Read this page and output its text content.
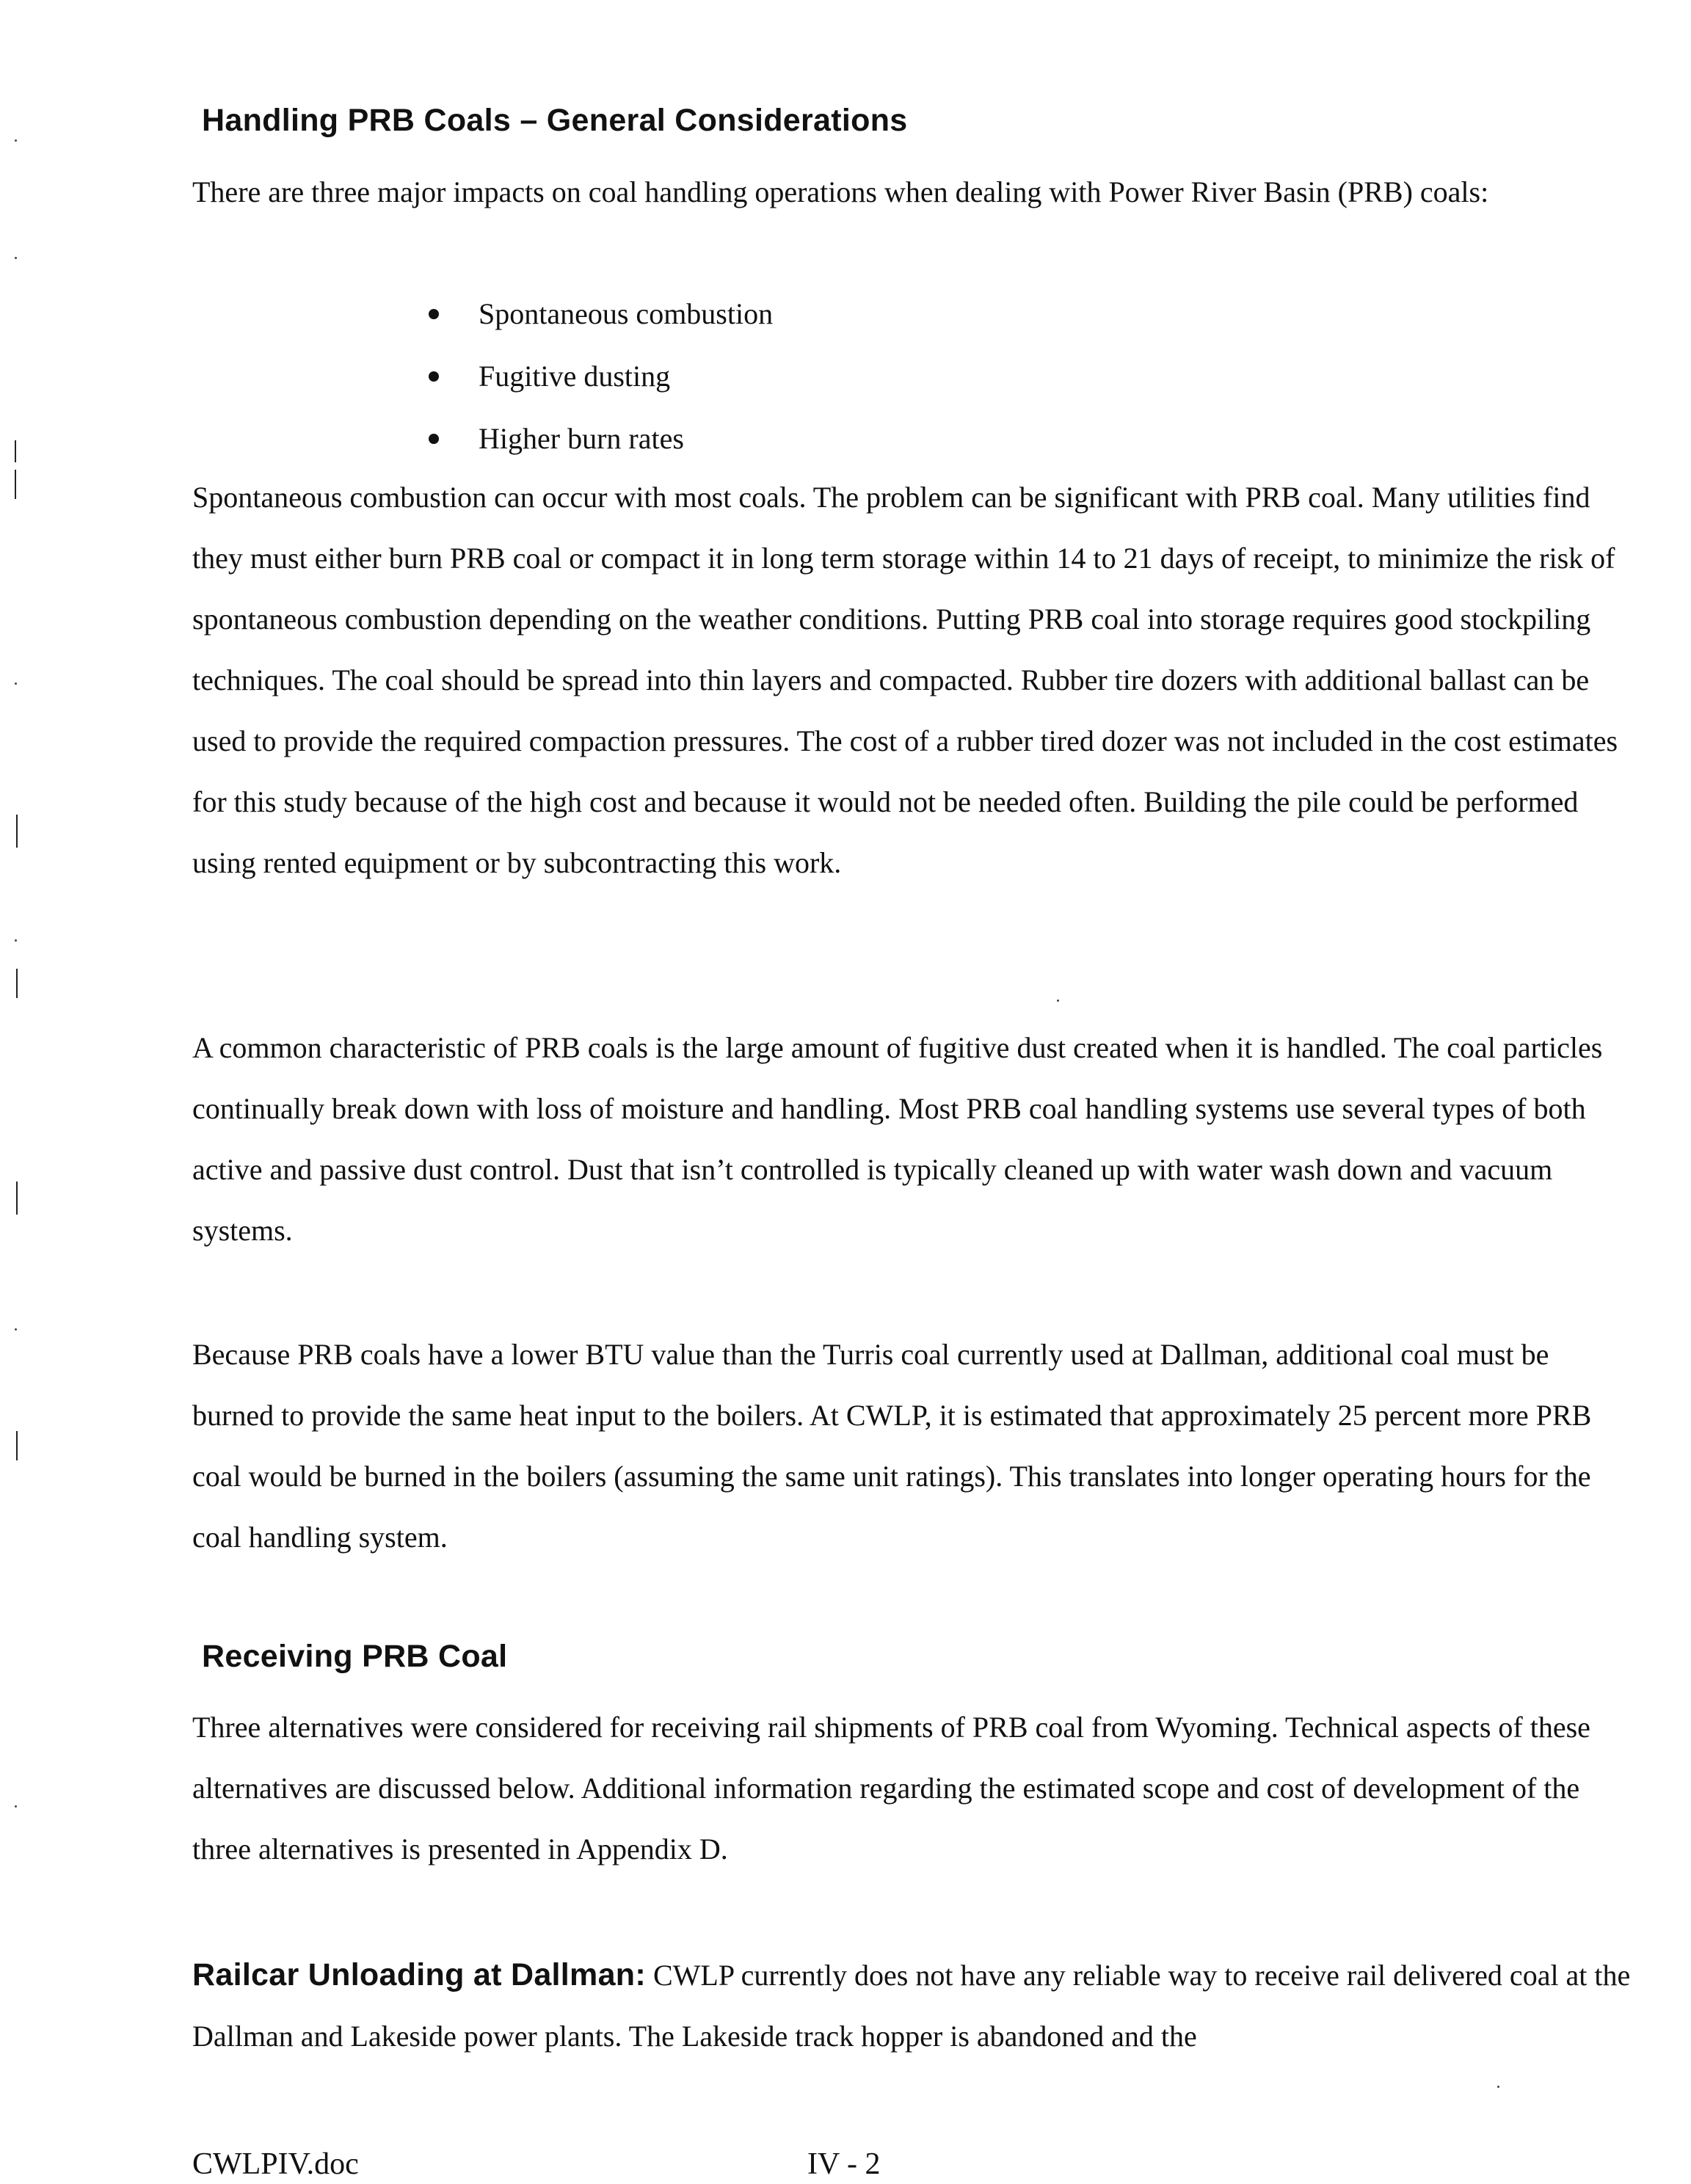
Handling PRB Coals – General Considerations

There are three major impacts on coal handling operations when dealing with Power River Basin (PRB) coals:

Spontaneous combustion
Fugitive dusting
Higher burn rates

Spontaneous combustion can occur with most coals. The problem can be significant with PRB coal. Many utilities find they must either burn PRB coal or compact it in long term storage within 14 to 21 days of receipt, to minimize the risk of spontaneous combustion depending on the weather conditions. Putting PRB coal into storage requires good stockpiling techniques. The coal should be spread into thin layers and compacted. Rubber tire dozers with additional ballast can be used to provide the required compaction pressures. The cost of a rubber tired dozer was not included in the cost estimates for this study because of the high cost and because it would not be needed often. Building the pile could be performed using rented equipment or by subcontracting this work.

A common characteristic of PRB coals is the large amount of fugitive dust created when it is handled. The coal particles continually break down with loss of moisture and handling. Most PRB coal handling systems use several types of both active and passive dust control. Dust that isn’t controlled is typically cleaned up with water wash down and vacuum systems.

Because PRB coals have a lower BTU value than the Turris coal currently used at Dallman, additional coal must be burned to provide the same heat input to the boilers. At CWLP, it is estimated that approximately 25 percent more PRB coal would be burned in the boilers (assuming the same unit ratings). This translates into longer operating hours for the coal handling system.

Receiving PRB Coal

Three alternatives were considered for receiving rail shipments of PRB coal from Wyoming. Technical aspects of these alternatives are discussed below. Additional information regarding the estimated scope and cost of development of the three alternatives is presented in Appendix D.

Railcar Unloading at Dallman: CWLP currently does not have any reliable way to receive rail delivered coal at the Dallman and Lakeside power plants. The Lakeside track hopper is abandoned and the

CWLPIV.doc	IV - 2
